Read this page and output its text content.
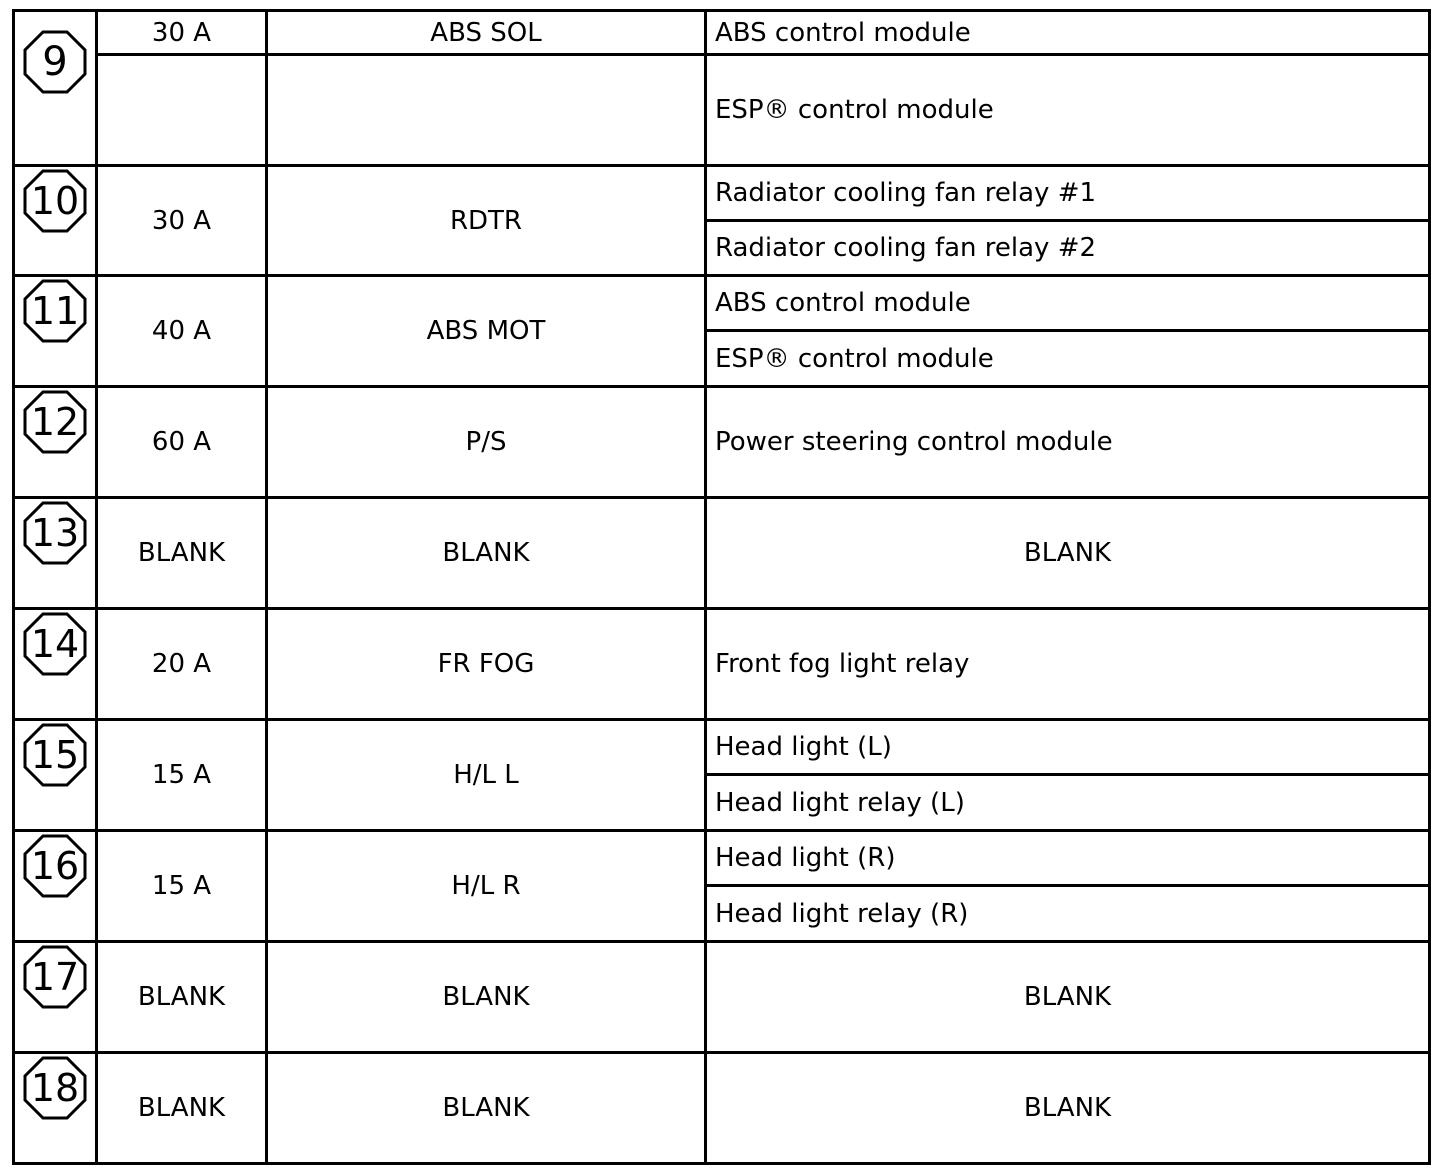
9	30 A	ABS SOL	ABS control module
			ESP® control module

10	30 A	RDTR	Radiator cooling fan relay #1
			Radiator cooling fan relay #2

11	40 A	ABS MOT	ABS control module
			ESP® control module

12	60 A	P/S	Power steering control module

13	BLANK	BLANK	BLANK

14	20 A	FR FOG	Front fog light relay

15	15 A	H/L L	Head light (L)
			Head light relay (L)

16	15 A	H/L R	Head light (R)
			Head light relay (R)

17	BLANK	BLANK	BLANK

18	BLANK	BLANK	BLANK
